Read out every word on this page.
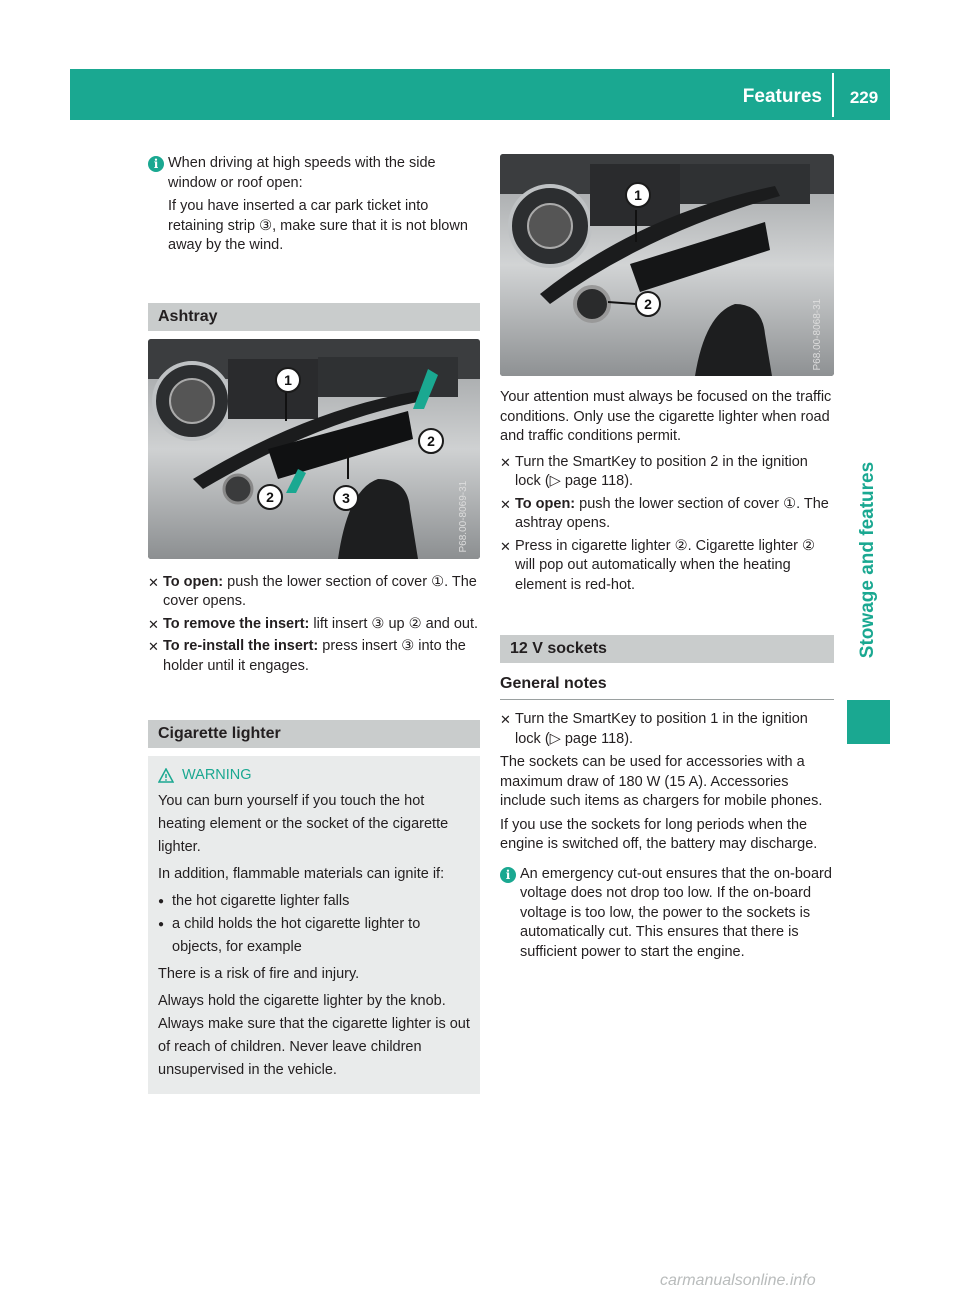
Features	229
Stowage and features
i When driving at high speeds with the side window or roof open:

If you have inserted a car park ticket into retaining strip ③, make sure that it is not blown away by the wind.

Ashtray
1
2
2
3	P68.00-8069-31
✕ To open: push the lower section of cover ①. The cover opens.
✕ To remove the insert: lift insert ③ up ② and out.
✕ To re-install the insert: press insert ③ into the holder until it engages.
Cigarette lighter
WARNING

You can burn yourself if you touch the hot heating element or the socket of the cigarette lighter.

In addition, flammable materials can ignite if:

● the hot cigarette lighter falls
● a child holds the hot cigarette lighter to objects, for example

There is a risk of fire and injury.

Always hold the cigarette lighter by the knob. Always make sure that the cigarette lighter is out of reach of children. Never leave children unsupervised in the vehicle.

1
2	P68.00-8068-31

Your attention must always be focused on the traffic conditions. Only use the cigarette lighter when road and traffic conditions permit.

✕ Turn the SmartKey to position 2 in the ignition lock (▷ page 118).
✕ To open: push the lower section of cover ①. The ashtray opens.
✕ Press in cigarette lighter ②. Cigarette lighter ② will pop out automatically when the heating element is red-hot.
12 V sockets
General notes
✕ Turn the SmartKey to position 1 in the ignition lock (▷ page 118).

The sockets can be used for accessories with a maximum draw of 180 W (15 A). Accessories include such items as chargers for mobile phones.

If you use the sockets for long periods when the engine is switched off, the battery may discharge.

i An emergency cut-out ensures that the on-board voltage does not drop too low. If the on-board voltage is too low, the power to the sockets is automatically cut. This ensures that there is sufficient power to start the engine.
carmanualsonline.info
